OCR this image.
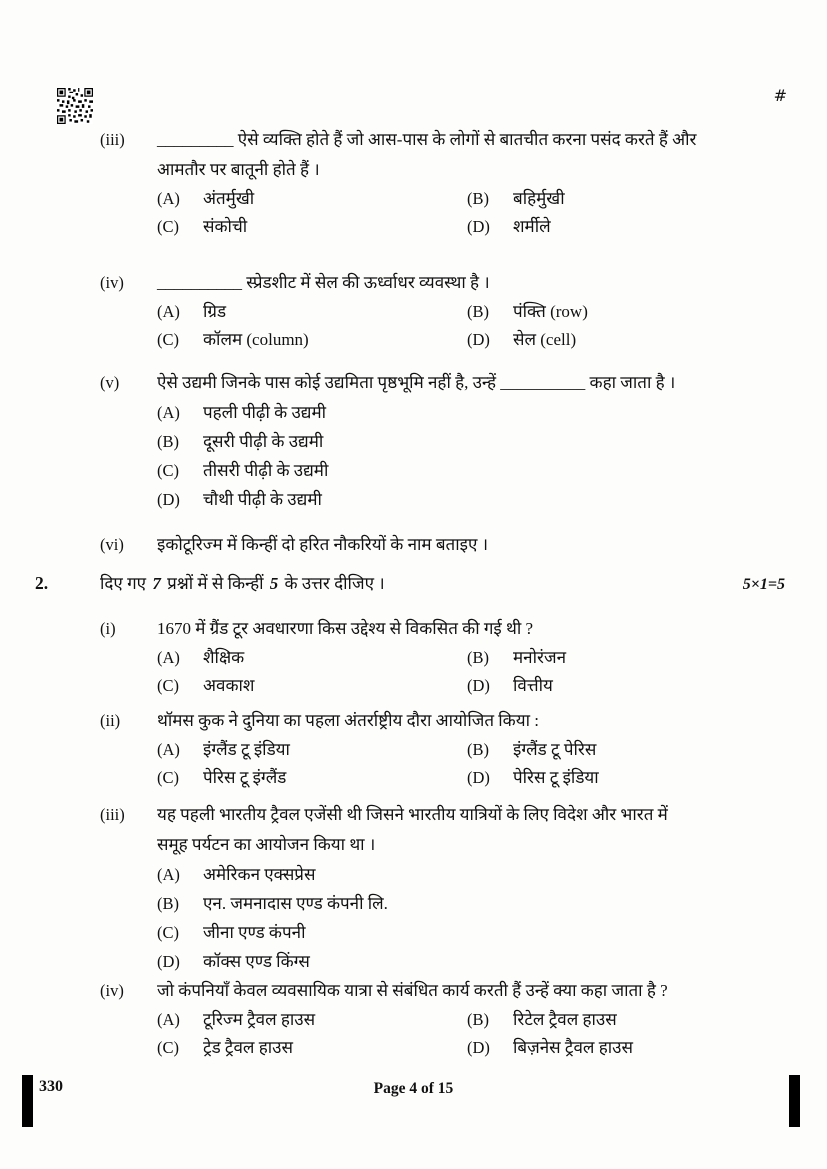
#
(iii)	_________ ऐसे व्यक्ति होते हैं जो आस-पास के लोगों से बातचीत करना पसंद करते हैं और
आमतौर पर बातूनी होते हैं ।
(A)	अंतर्मुखी	(B)	बहिर्मुखी
(C)	संकोची	(D)	शर्मीले
(iv)	__________ स्प्रेडशीट में सेल की ऊर्ध्वाधर व्यवस्था है ।
(A)	ग्रिड	(B)	पंक्ति (row)
(C)	कॉलम (column)	(D)	सेल (cell)
(v)	ऐसे उद्यमी जिनके पास कोई उद्यमिता पृष्ठभूमि नहीं है, उन्हें __________ कहा जाता है ।
(A)	पहली पीढ़ी के उद्यमी
(B)	दूसरी पीढ़ी के उद्यमी
(C)	तीसरी पीढ़ी के उद्यमी
(D)	चौथी पीढ़ी के उद्यमी
(vi)	इकोटूरिज्म में किन्हीं दो हरित नौकरियों के नाम बताइए ।
2.	दिए गए 7 प्रश्नों में से किन्हीं 5 के उत्तर दीजिए ।	5×1=5
(i)	1670 में ग्रैंड टूर अवधारणा किस उद्देश्य से विकसित की गई थी ?
(A)	शैक्षिक	(B)	मनोरंजन
(C)	अवकाश	(D)	वित्तीय
(ii)	थॉमस कुक ने दुनिया का पहला अंतर्राष्ट्रीय दौरा आयोजित किया :
(A)	इंग्लैंड टू इंडिया	(B)	इंग्लैंड टू पेरिस
(C)	पेरिस टू इंग्लैंड	(D)	पेरिस टू इंडिया
(iii)	यह पहली भारतीय ट्रैवल एजेंसी थी जिसने भारतीय यात्रियों के लिए विदेश और भारत में
समूह पर्यटन का आयोजन किया था ।
(A)	अमेरिकन एक्सप्रेस
(B)	एन. जमनादास एण्ड कंपनी लि.
(C)	जीना एण्ड कंपनी
(D)	कॉक्स एण्ड किंग्स
(iv)	जो कंपनियाँ केवल व्यवसायिक यात्रा से संबंधित कार्य करती हैं उन्हें क्या कहा जाता है ?
(A)	टूरिज्म ट्रैवल हाउस	(B)	रिटेल ट्रैवल हाउस
(C)	ट्रेड ट्रैवल हाउस	(D)	बिज़नेस ट्रैवल हाउस
330	Page 4 of 15
